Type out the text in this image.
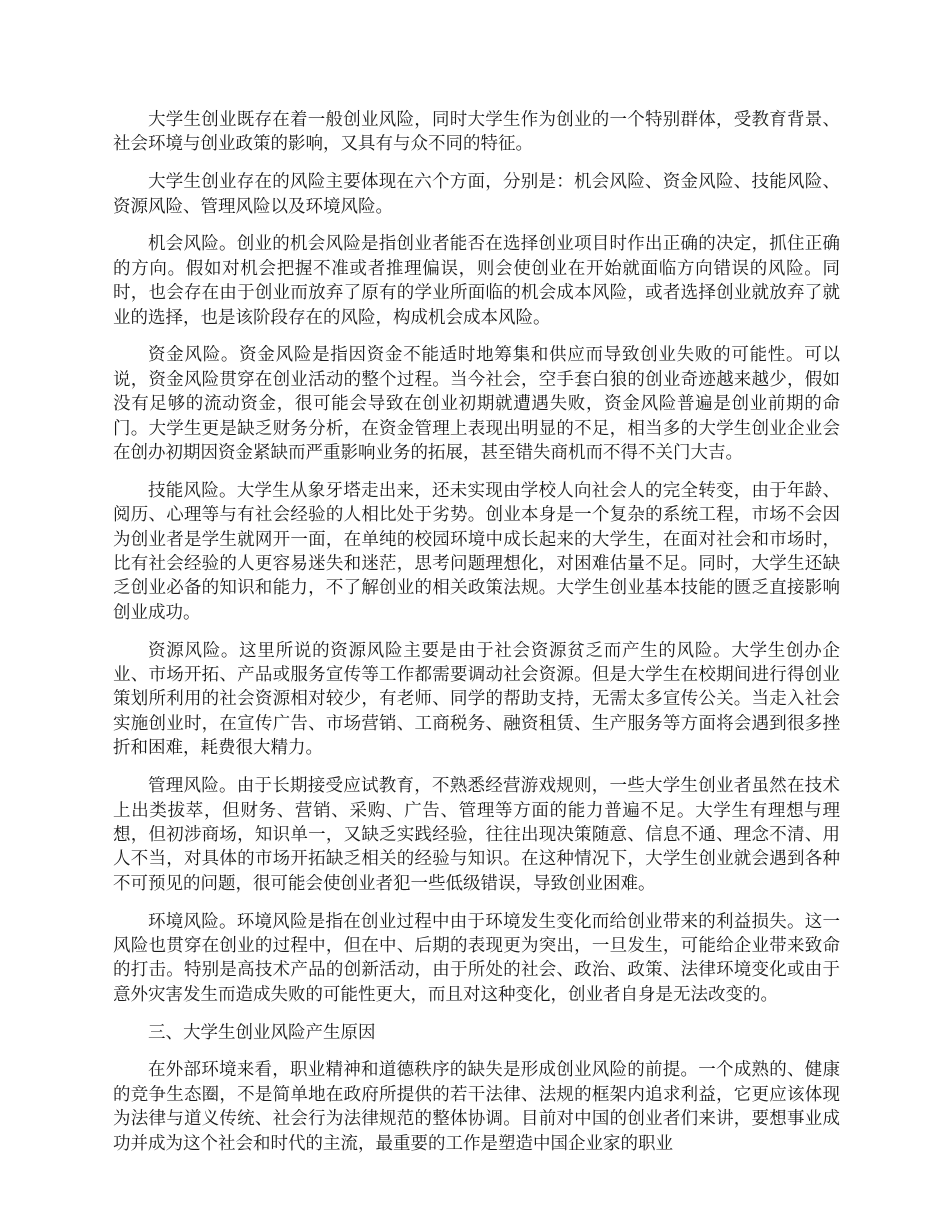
大学生创业既存在着一般创业风险，同时大学生作为创业的一个特别群体，受教育背景、社会环境与创业政策的影响，又具有与众不同的特征。

大学生创业存在的风险主要体现在六个方面，分别是：机会风险、资金风险、技能风险、资源风险、管理风险以及环境风险。

机会风险。创业的机会风险是指创业者能否在选择创业项目时作出正确的决定，抓住正确的方向。假如对机会把握不准或者推理偏误，则会使创业在开始就面临方向错误的风险。同时，也会存在由于创业而放弃了原有的学业所面临的机会成本风险，或者选择创业就放弃了就业的选择，也是该阶段存在的风险，构成机会成本风险。

资金风险。资金风险是指因资金不能适时地筹集和供应而导致创业失败的可能性。可以说，资金风险贯穿在创业活动的整个过程。当今社会，空手套白狼的创业奇迹越来越少，假如没有足够的流动资金，很可能会导致在创业初期就遭遇失败，资金风险普遍是创业前期的命门。大学生更是缺乏财务分析，在资金管理上表现出明显的不足，相当多的大学生创业企业会在创办初期因资金紧缺而严重影响业务的拓展，甚至错失商机而不得不关门大吉。

技能风险。大学生从象牙塔走出来，还未实现由学校人向社会人的完全转变，由于年龄、阅历、心理等与有社会经验的人相比处于劣势。创业本身是一个复杂的系统工程，市场不会因为创业者是学生就网开一面，在单纯的校园环境中成长起来的大学生，在面对社会和市场时，比有社会经验的人更容易迷失和迷茫，思考问题理想化，对困难估量不足。同时，大学生还缺乏创业必备的知识和能力，不了解创业的相关政策法规。大学生创业基本技能的匮乏直接影响创业成功。

资源风险。这里所说的资源风险主要是由于社会资源贫乏而产生的风险。大学生创办企业、市场开拓、产品或服务宣传等工作都需要调动社会资源。但是大学生在校期间进行得创业策划所利用的社会资源相对较少，有老师、同学的帮助支持，无需太多宣传公关。当走入社会实施创业时，在宣传广告、市场营销、工商税务、融资租赁、生产服务等方面将会遇到很多挫折和困难，耗费很大精力。

管理风险。由于长期接受应试教育，不熟悉经营游戏规则，一些大学生创业者虽然在技术上出类拔萃，但财务、营销、采购、广告、管理等方面的能力普遍不足。大学生有理想与理想，但初涉商场，知识单一，又缺乏实践经验，往往出现决策随意、信息不通、理念不清、用人不当，对具体的市场开拓缺乏相关的经验与知识。在这种情况下，大学生创业就会遇到各种不可预见的问题，很可能会使创业者犯一些低级错误，导致创业困难。

环境风险。环境风险是指在创业过程中由于环境发生变化而给创业带来的利益损失。这一风险也贯穿在创业的过程中，但在中、后期的表现更为突出，一旦发生，可能给企业带来致命的打击。特别是高技术产品的创新活动，由于所处的社会、政治、政策、法律环境变化或由于意外灾害发生而造成失败的可能性更大，而且对这种变化，创业者自身是无法改变的。

三、大学生创业风险产生原因

在外部环境来看，职业精神和道德秩序的缺失是形成创业风险的前提。一个成熟的、健康的竞争生态圈，不是简单地在政府所提供的若干法律、法规的框架内追求利益，它更应该体现为法律与道义传统、社会行为法律规范的整体协调。目前对中国的创业者们来讲，要想事业成功并成为这个社会和时代的主流，最重要的工作是塑造中国企业家的职业
